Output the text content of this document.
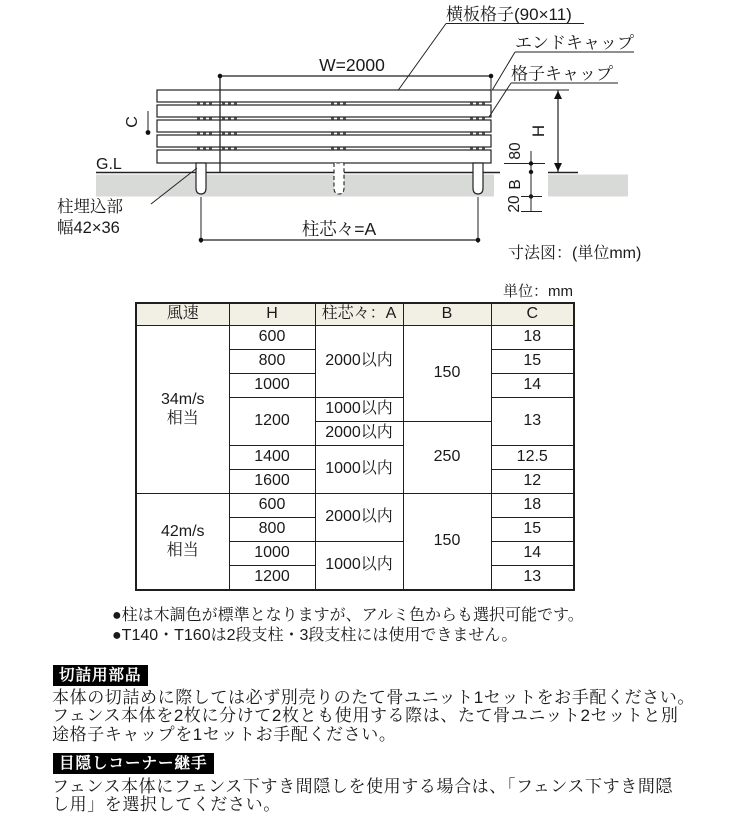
W=2000
横板格子(90×11)
エンドキャップ
格子キャップ
C
G.L
柱埋込部
幅42×36	柱芯々=A
H
80
B
20
寸法図：(単位mm)
単位：mm
風速	H	柱芯々：A	B	C
34m/s
相当	600	2000以内	150	18
	800			15
	1000			14
	1200	1000以内		13
		2000以内	250	
	1400	1000以内		12.5
	1600			12
42m/s
相当	600	2000以内	150	18
	800			15
	1000	1000以内		14
	1200			13
●柱は木調色が標準となりますが、アルミ色からも選択可能です。
●T140・T160は2段支柱・3段支柱には使用できません。
切詰用部品
本体の切詰めに際しては必ず別売りのたて骨ユニット1セットをお手配ください。
フェンス本体を2枚に分けて2枚とも使用する際は、たて骨ユニット2セットと別
途格子キャップを1セットお手配ください。
目隠しコーナー継手
フェンス本体にフェンス下すき間隠しを使用する場合は、「フェンス下すき間隠
し用」を選択してください。
